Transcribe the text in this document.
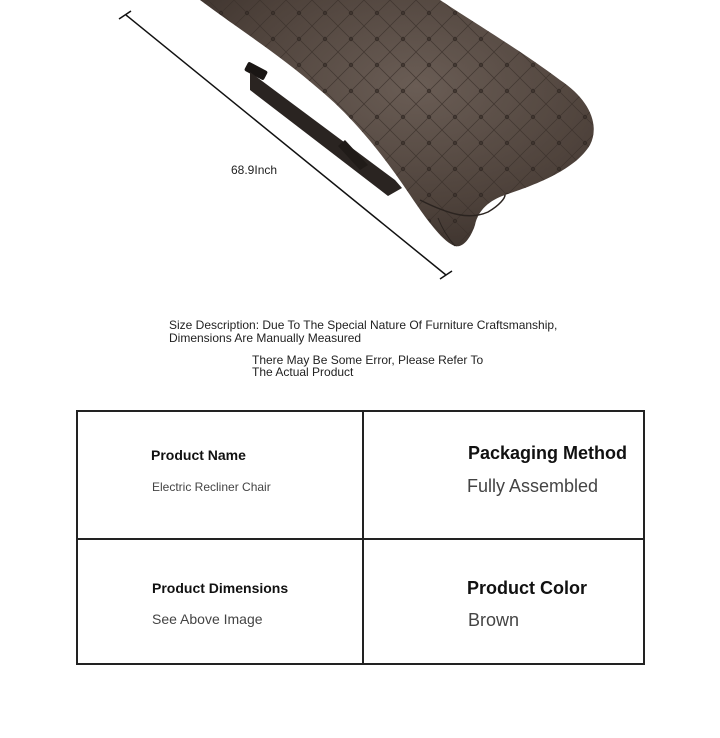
68.9Inch
Size Description: Due To The Special Nature Of Furniture Craftsmanship, Dimensions Are Manually Measured
There May Be Some Error, Please Refer To The Actual Product
Product Name
Electric Recliner Chair
Packaging Method
Fully Assembled
Product Dimensions
See Above Image
Product Color
Brown
